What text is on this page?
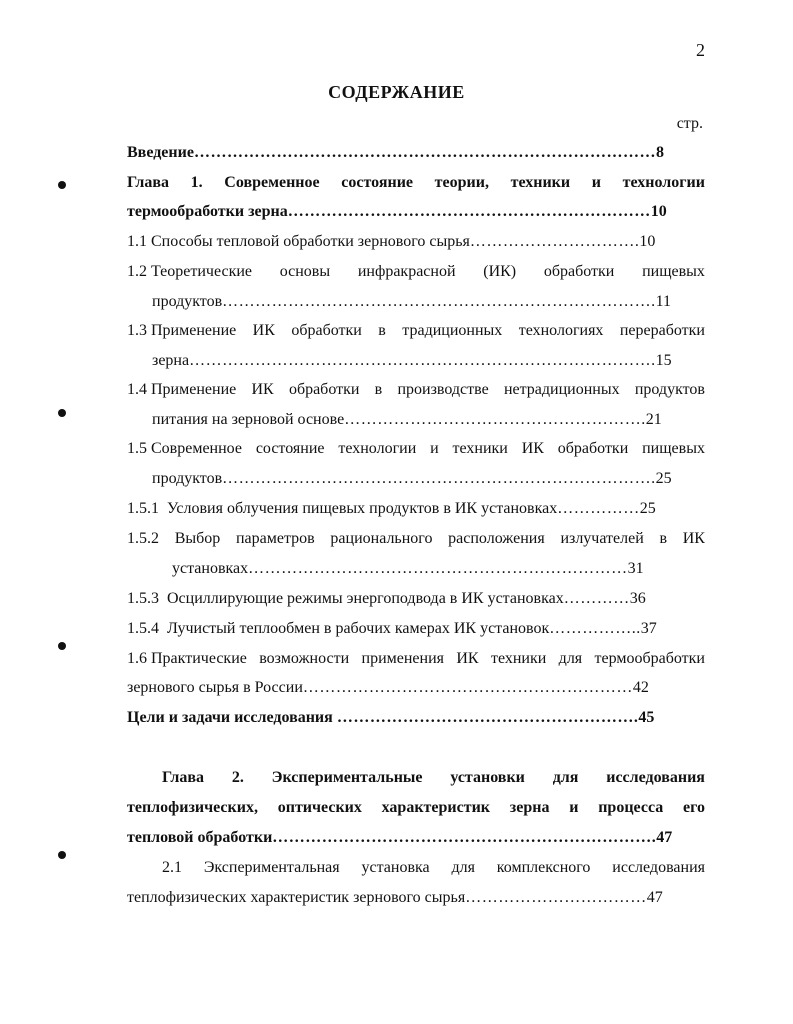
2
СОДЕРЖАНИЕ
стр.
Введение…………………………………………………………………………8
Глава 1. Современное состояние теории, техники и технологии
термообработки зерна…………………………………………………………10
1.1 Способы тепловой обработки зернового сырья………………………….10
1.2 Теоретические основы инфракрасной (ИК) обработки пищевых
продуктов…………………………………………………………………….11
1.3 Применение ИК обработки в традиционных технологиях переработки
зерна………………………………………………………………………….15
1.4 Применение ИК обработки в производстве нетрадиционных продуктов
питания на зерновой основе……………………………………………….21
1.5 Современное состояние технологии и техники ИК обработки пищевых
продуктов…………………………………………………………………….25
1.5.1 Условия облучения пищевых продуктов в ИК установках……………25
1.5.2 Выбор параметров рационального расположения излучателей в ИК
установках……………………………………………………………31
1.5.3 Осциллирующие режимы энергоподвода в ИК установках…………36
1.5.4 Лучистый теплообмен в рабочих камерах ИК установок……………..37
1.6 Практические возможности применения ИК техники для термообработки
зернового сырья в России……………………………………………………42
Цели и задачи исследования ……………………………………………….45
Глава 2. Экспериментальные установки для исследования
теплофизических, оптических характеристик зерна и процесса его
тепловой обработки…………………………………………………………….47
2.1 Экспериментальная установка для комплексного исследования
теплофизических характеристик зернового сырья……………………………47
